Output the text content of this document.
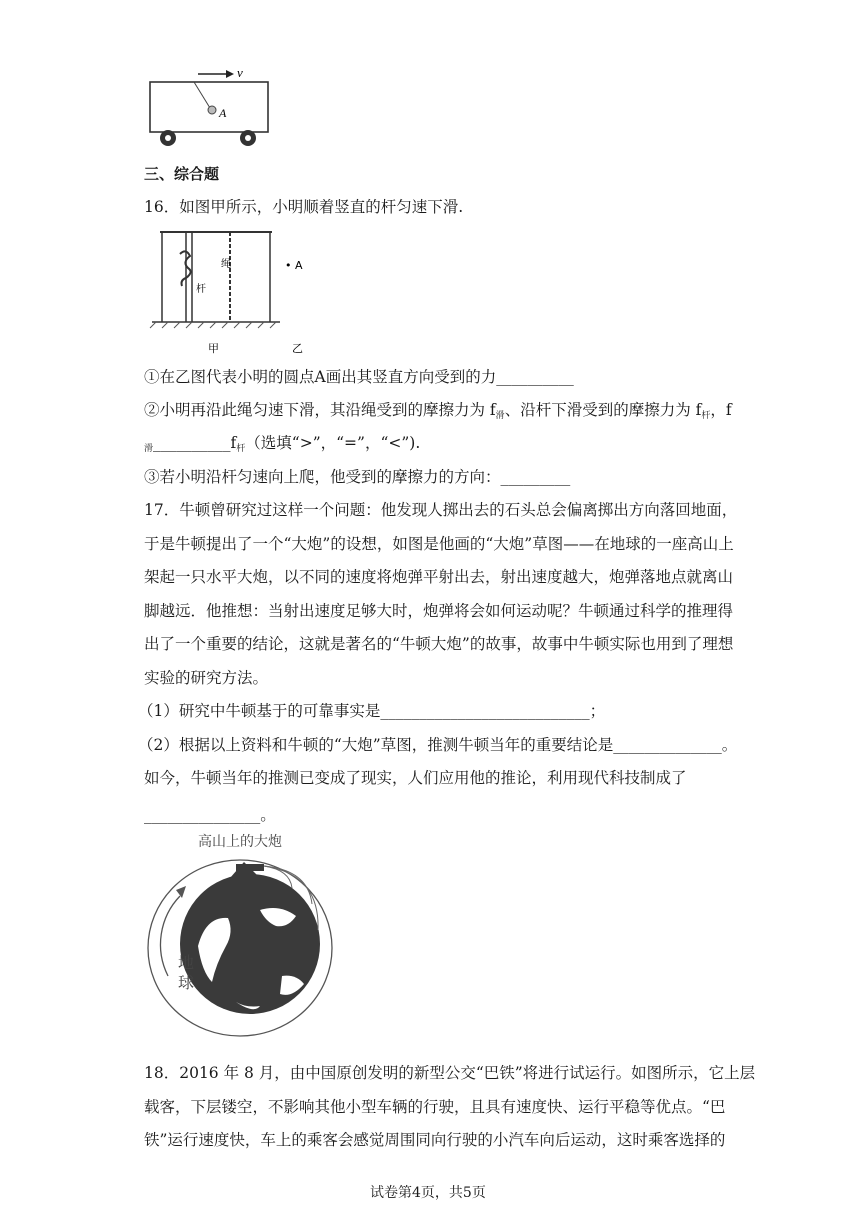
v
A
三、综合题
16．如图甲所示，小明顺着竖直的杆匀速下滑.
杆
绳
甲	乙
• A
①在乙图代表小明的圆点A画出其竖直方向受到的力__________
②小明再沿此绳匀速下滑，其沿绳受到的摩擦力为 $f_滑$、沿杆下滑受到的摩擦力为 $f_杆$，f
$_滑\_\_\_\_\_\_\_\_\_\_f_杆$（选填“>”，“=”，“<”).
③若小明沿杆匀速向上爬，他受到的摩擦力的方向：_________
17．牛顿曾研究过这样一个问题：他发现人掷出去的石头总会偏离掷出方向落回地面，
于是牛顿提出了一个“大炮”的设想，如图是他画的“大炮”草图——在地球的一座高山上
架起一只水平大炮，以不同的速度将炮弹平射出去，射出速度越大，炮弹落地点就离山
脚越远．他推想：当射出速度足够大时，炮弹将会如何运动呢？牛顿通过科学的推理得
出了一个重要的结论，这就是著名的“牛顿大炮”的故事，故事中牛顿实际也用到了理想
实验的研究方法。
（1）研究中牛顿基于的可靠事实是___________________________；
（2）根据以上资料和牛顿的“大炮”草图，推测牛顿当年的重要结论是______________。
如今，牛顿当年的推测已变成了现实，人们应用他的推论，利用现代科技制成了
_______________。
高山上的大炮
地
球
18．2016 年 8 月，由中国原创发明的新型公交“巴铁”将进行试运行。如图所示，它上层
载客，下层镂空，不影响其他小型车辆的行驶，且具有速度快、运行平稳等优点。“巴
铁”运行速度快，车上的乘客会感觉周围同向行驶的小汽车向后运动，这时乘客选择的
试卷第4页，共5页
